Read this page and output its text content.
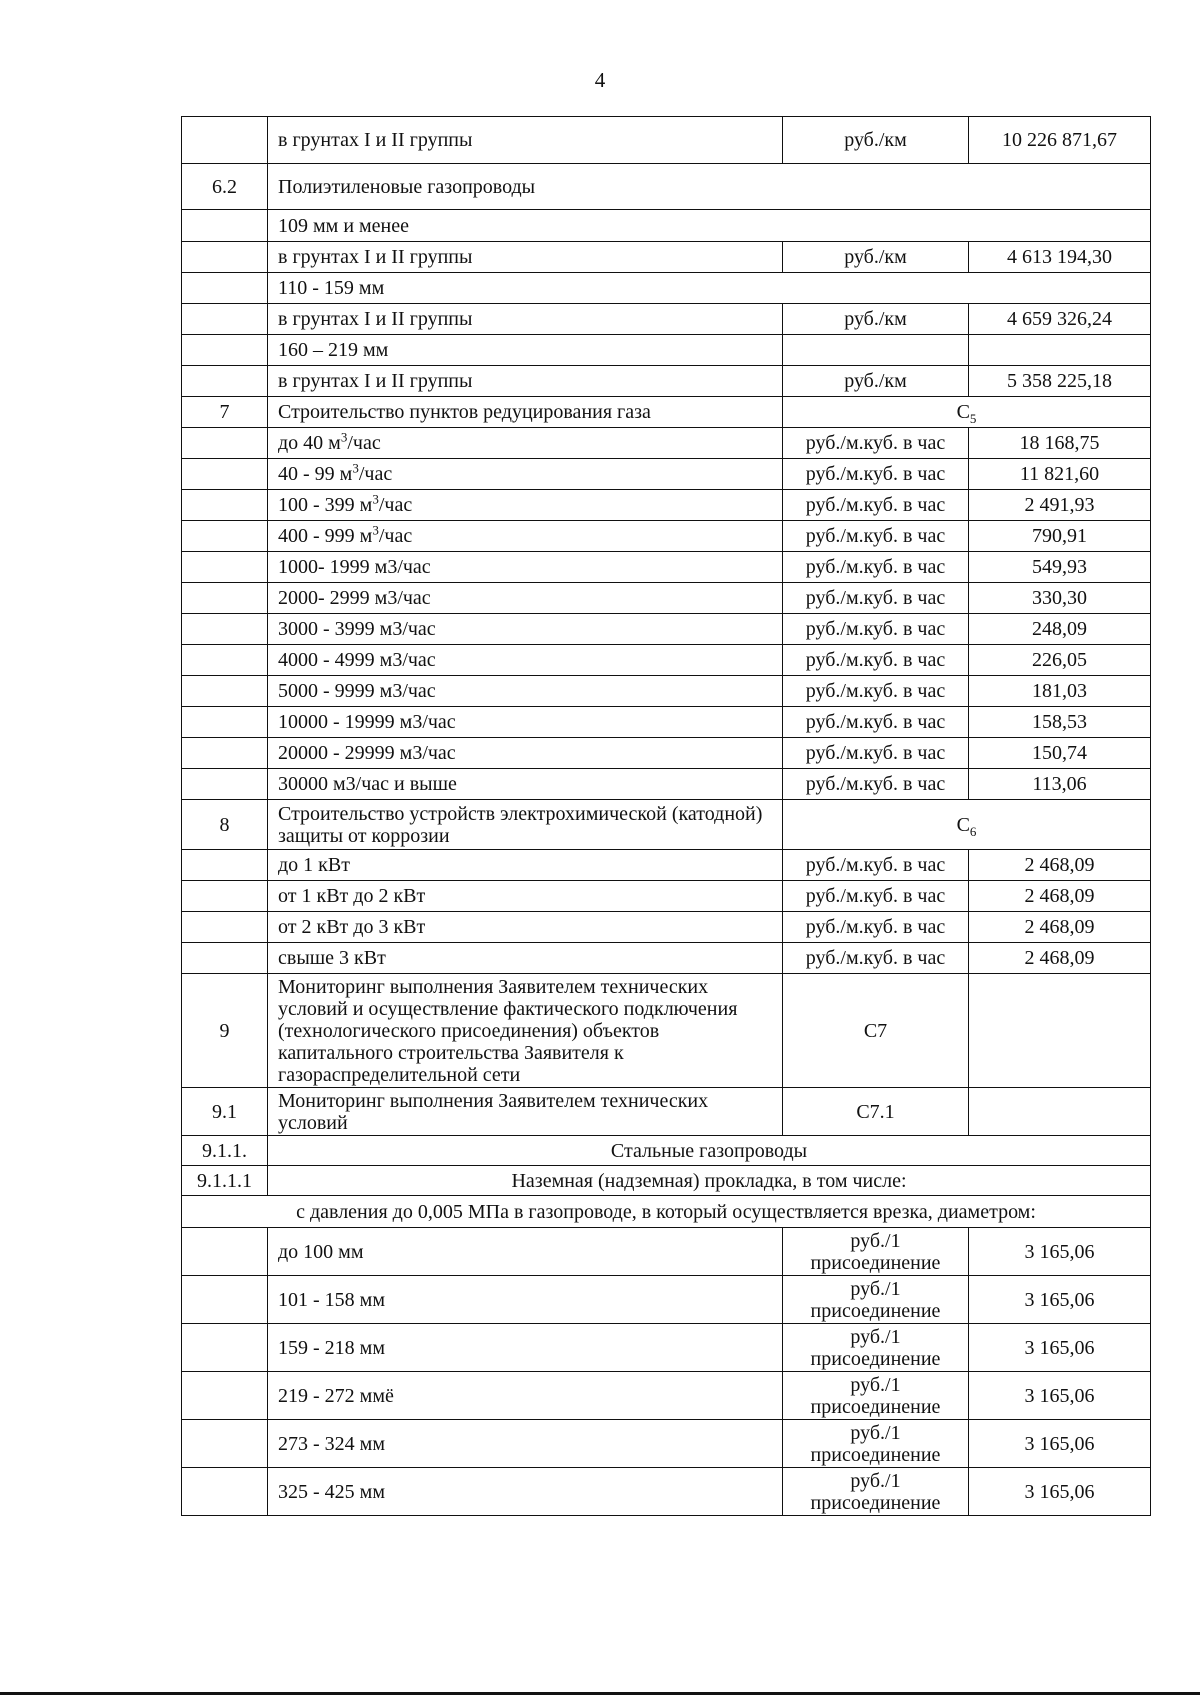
4
	в грунтах I и II группы	руб./км	10 226 871,67
6.2	Полиэтиленовые газопроводы		
	109 мм и менее		
	в грунтах I и II группы	руб./км	4 613 194,30
	110 - 159 мм		
	в грунтах I и II группы	руб./км	4 659 326,24
	160 – 219 мм		
	в грунтах I и II группы	руб./км	5 358 225,18
7	Строительство пунктов редуцирования газа	$С_5$
	до 40 $м^3$/час	руб./м.куб. в час	18 168,75
	40 - 99 $м^3$/час	руб./м.куб. в час	11 821,60
	100 - 399 $м^3$/час	руб./м.куб. в час	2 491,93
	400 - 999 $м^3$/час	руб./м.куб. в час	790,91
	1000- 1999 м3/час	руб./м.куб. в час	549,93
	2000- 2999 м3/час	руб./м.куб. в час	330,30
	3000 - 3999 м3/час	руб./м.куб. в час	248,09
	4000 - 4999 м3/час	руб./м.куб. в час	226,05
	5000 - 9999 м3/час	руб./м.куб. в час	181,03
	10000 - 19999 м3/час	руб./м.куб. в час	158,53
	20000 - 29999 м3/час	руб./м.куб. в час	150,74
	30000 м3/час и выше	руб./м.куб. в час	113,06
8	Строительство устройств электрохимической (катодной) защиты от коррозии	$С_6$
	до 1 кВт	руб./м.куб. в час	2 468,09
	от 1 кВт до 2 кВт	руб./м.куб. в час	2 468,09
	от 2 кВт до 3 кВт	руб./м.куб. в час	2 468,09
	свыше 3 кВт	руб./м.куб. в час	2 468,09
9	Мониторинг выполнения Заявителем технических условий и осуществление фактического подключения (технологического присоединения) объектов капитального строительства Заявителя к газораспределительной сети	С7	
9.1	Мониторинг выполнения Заявителем технических условий	С7.1	
9.1.1.	Стальные газопроводы		
9.1.1.1	Наземная (надземная) прокладка, в том числе:		
с давления до 0,005 МПа в газопроводе, в который осуществляется врезка, диаметром:			
	до 100 мм	руб./1 присоединение	3 165,06
	101 - 158 мм	руб./1 присоединение	3 165,06
	159 - 218 мм	руб./1 присоединение	3 165,06
	219 - 272 ммё	руб./1 присоединение	3 165,06
	273 - 324 мм	руб./1 присоединение	3 165,06
	325 - 425 мм	руб./1 присоединение	3 165,06
